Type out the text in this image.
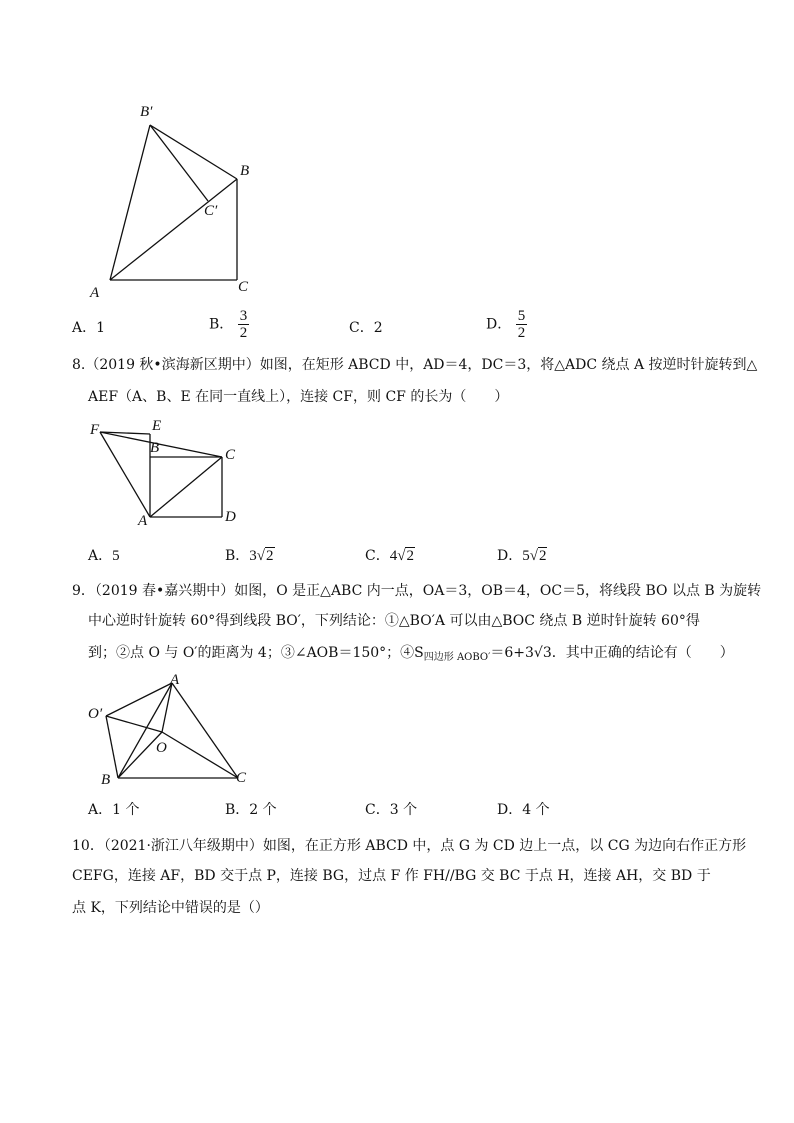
B′
B
C′
A	C
A．1	B． $\frac{3}{2}$	C．2	D． $\frac{5}{2}$
8.（2019 秋•滨海新区期中）如图，在矩形 ABCD 中，AD＝4，DC＝3，将△ADC 绕点 A 按逆时针旋转到△
AEF（A、B、E 在同一直线上），连接 CF，则 CF 的长为（　　）
F	E
B	C
A	D
A．5	B．3√2	C．4√2	D．5√2
9．（2019 春•嘉兴期中）如图，O 是正△ABC 内一点，OA＝3，OB＝4，OC＝5，将线段 BO 以点 B 为旋转
中心逆时针旋转 60°得到线段 BO′，下列结论：①△BO′A 可以由△BOC 绕点 B 逆时针旋转 60°得
到；②点 O 与 O′的距离为 4；③∠AOB＝150°；$④S_{四边形 AOBO'}=6+3√3$．其中正确的结论有（　　）
A
O′
O
B	C
A．1 个	B．2 个	C．3 个	D．4 个
10．（2021·浙江八年级期中）如图，在正方形 ABCD 中，点 G 为 CD 边上一点，以 CG 为边向右作正方形
CEFG，连接 AF，BD 交于点 P，连接 BG，过点 F 作 FH//BG 交 BC 于点 H，连接 AH，交 BD 于
点 K，下列结论中错误的是（）
